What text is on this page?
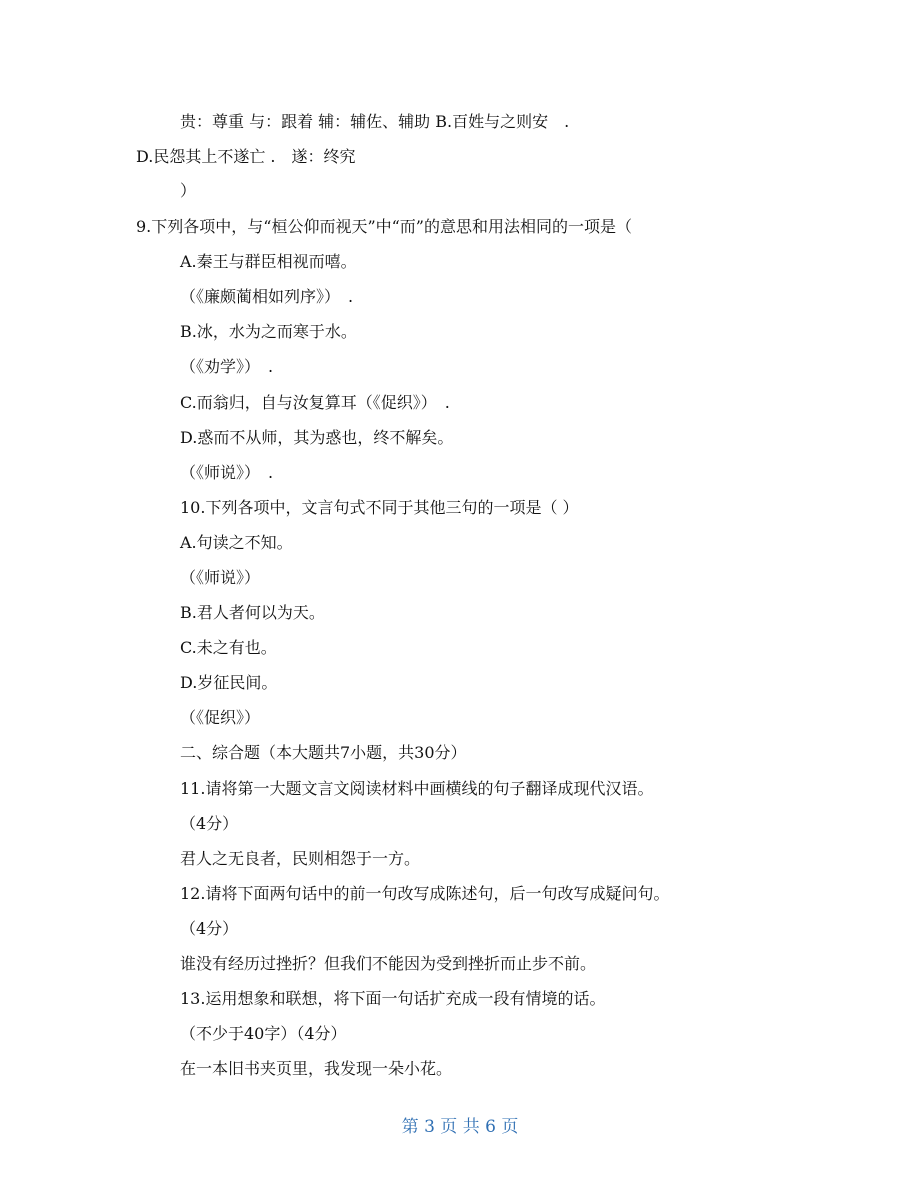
贵：尊重 与：跟着 辅：辅佐、辅助 B.百姓与之则安　.
D.民怨其上不遂亡 .　遂：终究
）
9.下列各项中，与“桓公仰而视天”中“而”的意思和用法相同的一项是（
A.秦王与群臣相视而嘻。
（《廉颇蔺相如列序》）　.
B.冰，水为之而寒于水。
（《劝学》）　.
C.而翁归，自与汝复算耳（《促织》）　.
D.惑而不从师，其为惑也，终不解矣。
（《师说》）　.
10.下列各项中，文言句式不同于其他三句的一项是（ ）
A.句读之不知。
（《师说》）
B.君人者何以为天。
C.未之有也。
D.岁征民间。
（《促织》）
二、综合题（本大题共7小题，共30分）
11.请将第一大题文言文阅读材料中画横线的句子翻译成现代汉语。
（4分）
君人之无良者，民则相怨于一方。
12.请将下面两句话中的前一句改写成陈述句，后一句改写成疑问句。
（4分）
谁没有经历过挫折？但我们不能因为受到挫折而止步不前。
13.运用想象和联想，将下面一句话扩充成一段有情境的话。
（不少于40字）（4分）
在一本旧书夹页里，我发现一朵小花。
第 3 页 共 6 页
